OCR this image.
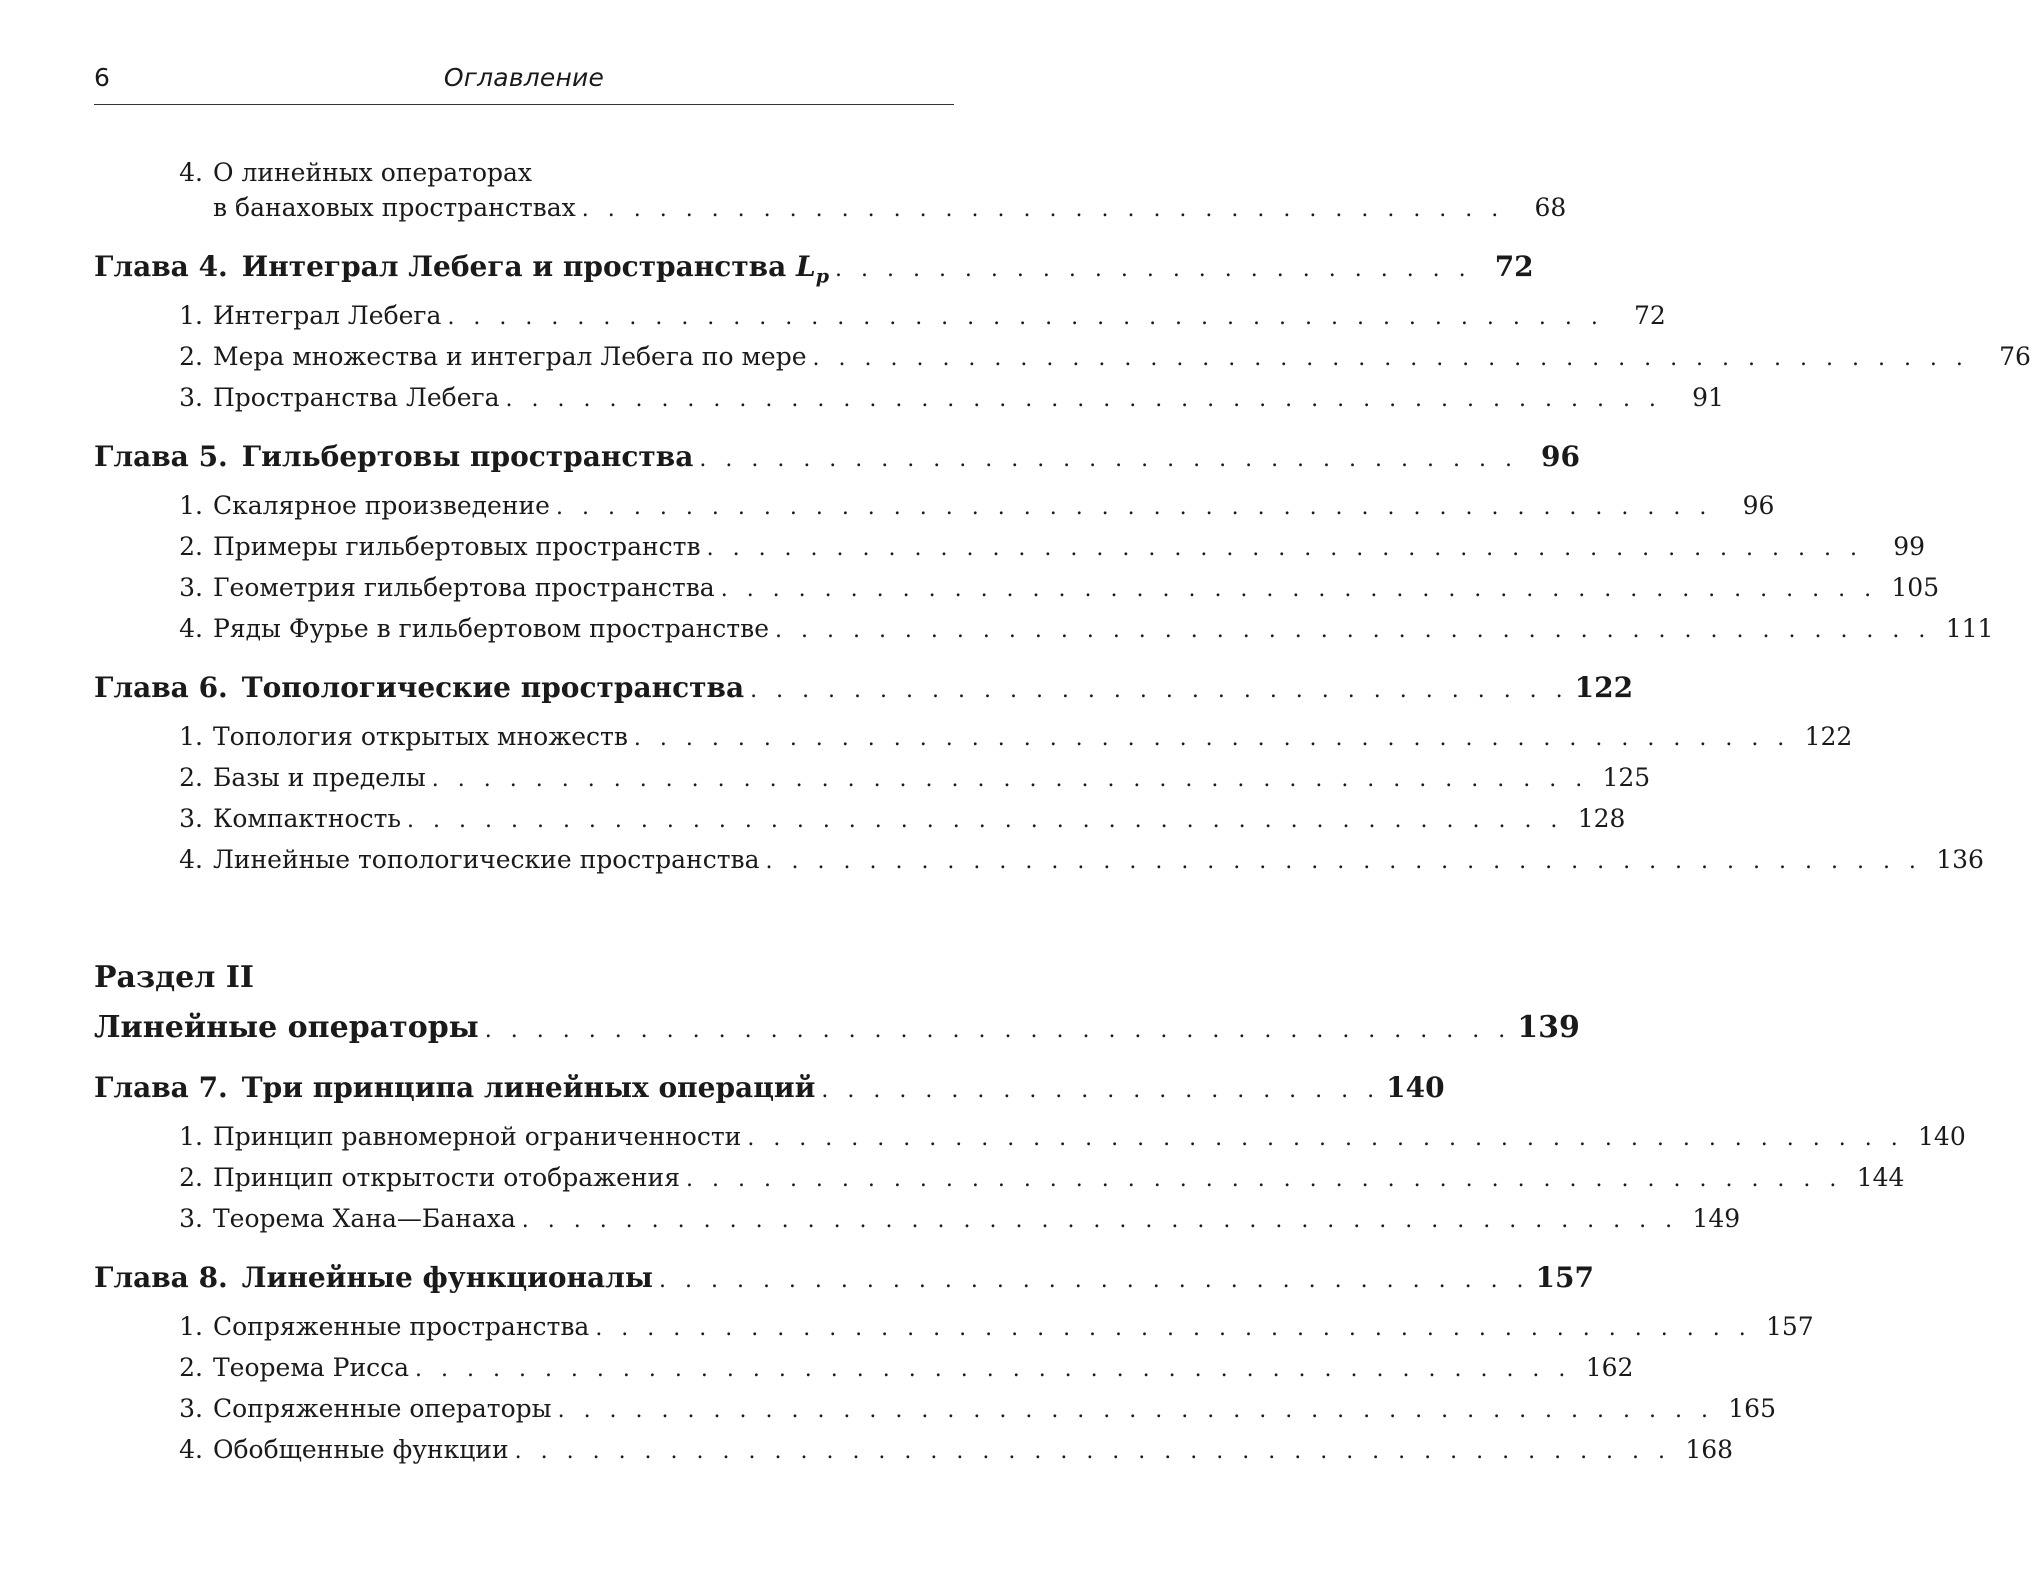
6	Оглавление
4. О линейных операторах
в банаховых пространствах . . . . . . . . . . . . . . . . . . . . . . . . . . . . . . . . . . . .	68
Глава 4. Интеграл Лебега и пространства $L_p$ . . . . . . . . . . . . . . . . . . . . . . . . . 72
1. Интеграл Лебега . . . . . . . . . . . . . . . . . . . . . . . . . . . . . . . . . . . . . . . . . . . . .	72
2. Мера множества и интеграл Лебега по мере . . . . . . . . . . . . . . . . . . . . . . . . . . . . . . . . . . . . . . . . . . . . .	76
3. Пространства Лебега . . . . . . . . . . . . . . . . . . . . . . . . . . . . . . . . . . . . . . . . . . . . .	91
Глава 5. Гильбертовы пространства . . . . . . . . . . . . . . . . . . . . . . . . . . . . . . . . 96
1. Скалярное произведение . . . . . . . . . . . . . . . . . . . . . . . . . . . . . . . . . . . . . . . . . . . . .	96
2. Примеры гильбертовых пространств . . . . . . . . . . . . . . . . . . . . . . . . . . . . . . . . . . . . . . . . . . . . .	99
3. Геометрия гильбертова пространства . . . . . . . . . . . . . . . . . . . . . . . . . . . . . . . . . . . . . . . . . . . . . 105
4. Ряды Фурье в гильбертовом пространстве . . . . . . . . . . . . . . . . . . . . . . . . . . . . . . . . . . . . . . . . . . . . . 111
Глава 6. Топологические пространства . . . . . . . . . . . . . . . . . . . . . . . . . . . . . . . . 122
1. Топология открытых множеств . . . . . . . . . . . . . . . . . . . . . . . . . . . . . . . . . . . . . . . . . . . . . 122
2. Базы и пределы . . . . . . . . . . . . . . . . . . . . . . . . . . . . . . . . . . . . . . . . . . . . . 125
3. Компактность . . . . . . . . . . . . . . . . . . . . . . . . . . . . . . . . . . . . . . . . . . . . . 128
4. Линейные топологические пространства . . . . . . . . . . . . . . . . . . . . . . . . . . . . . . . . . . . . . . . . . . . . . 136
Раздел II
Линейные операторы . . . . . . . . . . . . . . . . . . . . . . . . . . . . . . . . . . . . . . . . 139
Глава 7. Три принципа линейных операций . . . . . . . . . . . . . . . . . . . . . . 140
1. Принцип равномерной ограниченности . . . . . . . . . . . . . . . . . . . . . . . . . . . . . . . . . . . . . . . . . . . . . 140
2. Принцип открытости отображения . . . . . . . . . . . . . . . . . . . . . . . . . . . . . . . . . . . . . . . . . . . . . 144
3. Теорема Хана—Банаха . . . . . . . . . . . . . . . . . . . . . . . . . . . . . . . . . . . . . . . . . . . . . 149
Глава 8. Линейные функционалы . . . . . . . . . . . . . . . . . . . . . . . . . . . . . . . . . . 157
1. Сопряженные пространства . . . . . . . . . . . . . . . . . . . . . . . . . . . . . . . . . . . . . . . . . . . . . 157
2. Теорема Рисса . . . . . . . . . . . . . . . . . . . . . . . . . . . . . . . . . . . . . . . . . . . . . 162
3. Сопряженные операторы . . . . . . . . . . . . . . . . . . . . . . . . . . . . . . . . . . . . . . . . . . . . . 165
4. Обобщенные функции . . . . . . . . . . . . . . . . . . . . . . . . . . . . . . . . . . . . . . . . . . . . . 168
